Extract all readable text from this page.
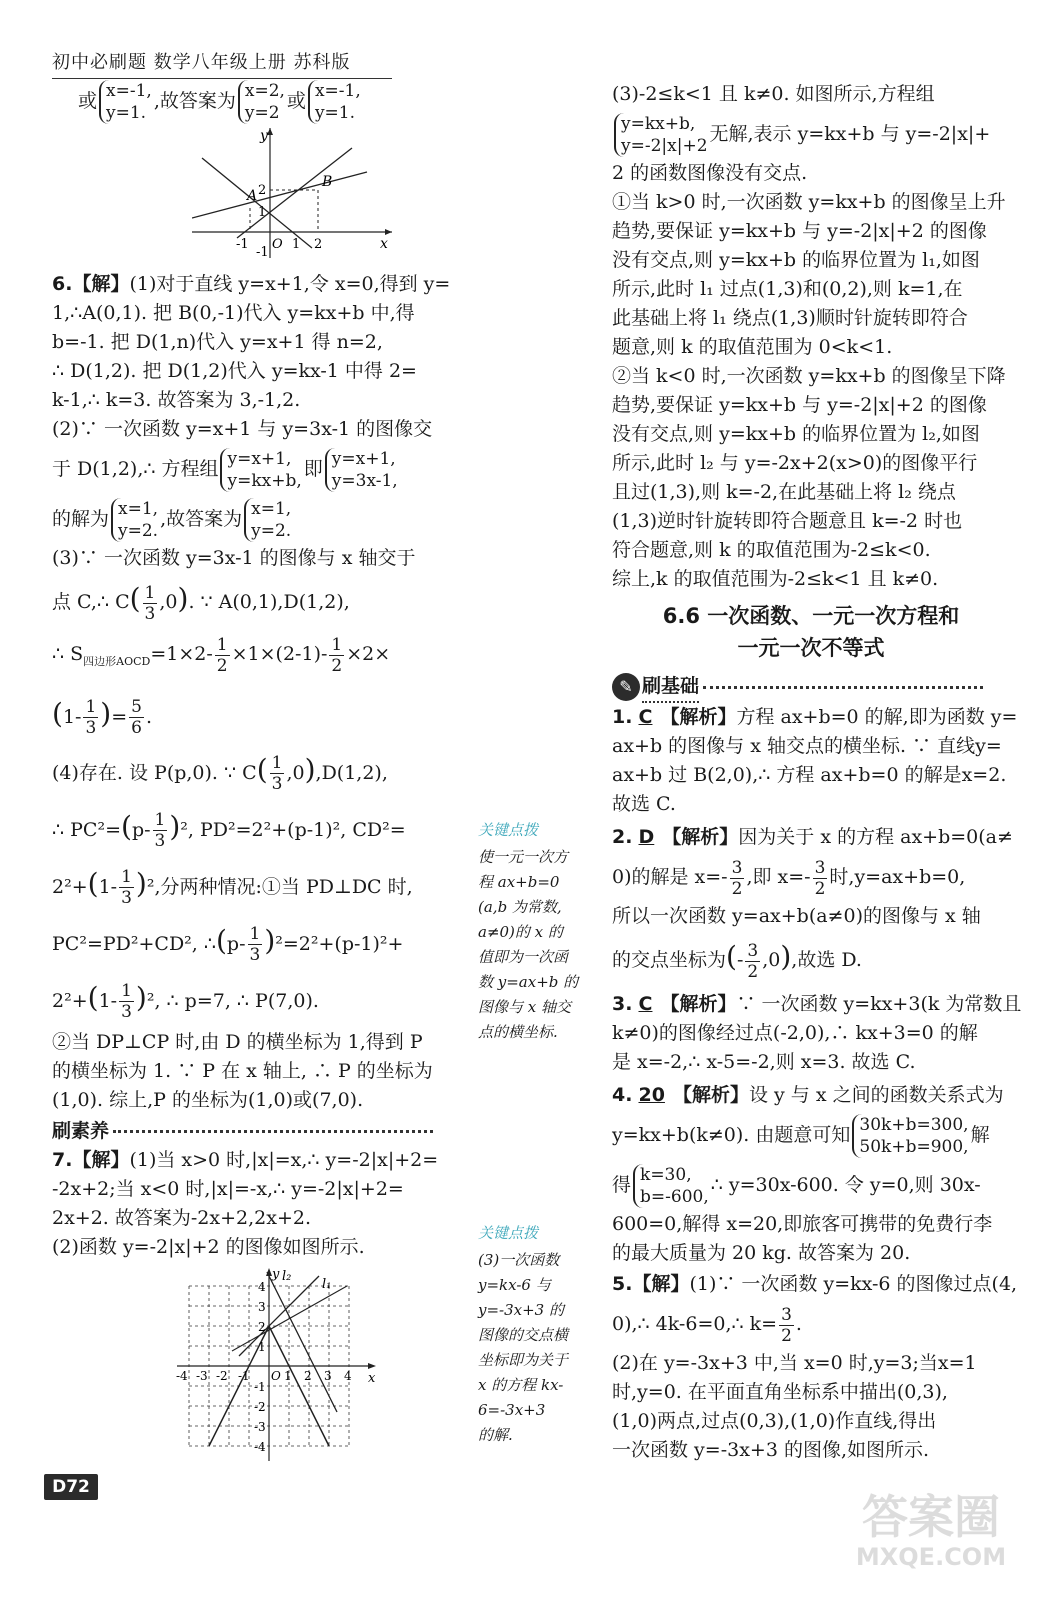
初中必刷题 数学八年级上册 苏科版
或 x=-1,
y=1.
,故答案为 x=2,
y=2
或 x=-1,
y=1.
y
x
A
B
2
1
-1 O 1 2
-1
6.【解】(1)对于直线 y=x+1,令 x=0,得到 y=
1,∴A(0,1). 把 B(0,-1)代入 y=kx+b 中,得
b=-1. 把 D(1,n)代入 y=x+1 得 n=2,
∴ D(1,2). 把 D(1,2)代入 y=kx-1 中得 2=
k-1,∴ k=3. 故答案为 3,-1,2.
(2)∵ 一次函数 y=x+1 与 y=3x-1 的图像交
于 D(1,2),∴ 方程组 y=x+1,
y=kx+b,
即 y=x+1,
y=3x-1,
的解为 x=1,
y=2.
,故答案为 x=1,
y=2.
(3)∵ 一次函数 y=3x-1 的图像与 x 轴交于
点 C,∴ $C( \frac{1}{3} ,0)$. ∵ A(0,1),D(1,2),
∴ $S_{四边形AOCD}=1\times 2- \frac{1}{2} \times 1\times(2-1)- \frac{1}{2} \times 2\times$
($1- \frac{1}{3}$ )= $\frac{5}{6}$ .
(4)存在. 设 P(p,0). ∵ $C( \frac{1}{3} ,0),D(1,2)$,
∴ $PC^2=(p- \frac{1}{3} )^2$, PD²=2²+(p-1)², CD²=
$2^2+(1- \frac{1}{3} )^2$,分两种情况:①当 PD⊥DC 时,
PC²=PD²+CD², ∴(p- $\frac{1}{3} )^2=2^2+(p-1)^2+$
$2^2+(1- \frac{1}{3} )^2$, ∴ p=7, ∴ P(7,0).
②当 DP⊥CP 时,由 D 的横坐标为 1,得到 P
的横坐标为 1. ∵ P 在 x 轴上, ∴ P 的坐标为
(1,0). 综上,P 的坐标为(1,0)或(7,0).
刷素养
7.【解】(1)当 x>0 时,|x|=x,∴ y=-2|x|+2=
-2x+2;当 x<0 时,|x|=-x,∴ y=-2|x|+2=
2x+2. 故答案为-2x+2,2x+2.
(2)函数 y=-2|x|+2 的图像如图所示.
y
x
l₂
l₁
4
3
2
1
-1
-2
-3
-4
-4 -3 -2 -1 O 1 2 3 4
关键点拨
使一元一次方
程 ax+b=0
(a,b 为常数,
a≠0)的 x 的
值即为一次函
数 y=ax+b 的
图像与 x 轴交
点的横坐标.
关键点拨
(3)一次函数
y=kx-6 与
y=-3x+3 的
图像的交点横
坐标即为关于
x 的方程 kx-
6=-3x+3
的解.
(3)-2≤k<1 且 k≠0. 如图所示,方程组
y=kx+b,
y=-2|x|+2
无解,表示 y=kx+b 与 y=-2|x|+
2 的函数图像没有交点.
①当 k>0 时,一次函数 y=kx+b 的图像呈上升
趋势,要保证 y=kx+b 与 y=-2|x|+2 的图像
没有交点,则 y=kx+b 的临界位置为 l₁,如图
所示,此时 l₁ 过点(1,3)和(0,2),则 k=1,在
此基础上将 l₁ 绕点(1,3)顺时针旋转即符合
题意,则 k 的取值范围为 0<k<1.
②当 k<0 时,一次函数 y=kx+b 的图像呈下降
趋势,要保证 y=kx+b 与 y=-2|x|+2 的图像
没有交点,则 y=kx+b 的临界位置为 l₂,如图
所示,此时 l₂ 与 y=-2x+2(x>0)的图像平行
且过(1,3),则 k=-2,在此基础上将 l₂ 绕点
(1,3)逆时针旋转即符合题意且 k=-2 时也
符合题意,则 k 的取值范围为-2≤k<0.
综上,k 的取值范围为-2≤k<1 且 k≠0.
6.6 一次函数、一元一次方程和
一元一次不等式
✎ 刷基础
1. C 【解析】方程 ax+b=0 的解,即为函数 y=
ax+b 的图像与 x 轴交点的横坐标. ∵ 直线y=
ax+b 过 B(2,0),∴ 方程 ax+b=0 的解是x=2.
故选 C.
2. D 【解析】因为关于 x 的方程 ax+b=0(a≠
0)的解是 $x=- \frac{3}{2}$ ,即 $x=- \frac{3}{2}$ 时,y=ax+b=0,
所以一次函数 y=ax+b(a≠0)的图像与 x 轴
的交点坐标为(- $\frac{3}{2} ,0$),故选 D.
3. C 【解析】∵ 一次函数 y=kx+3(k 为常数且
k≠0)的图像经过点(-2,0),∴ kx+3=0 的解
是 x=-2,∴ x-5=-2,则 x=3. 故选 C.
4. 20 【解析】设 y 与 x 之间的函数关系式为
y=kx+b(k≠0). 由题意可知 30k+b=300,
50k+b=900,
解
得 k=30,
b=-600,
∴ y=30x-600. 令 y=0,则 30x-
600=0,解得 x=20,即旅客可携带的免费行李
的最大质量为 20 kg. 故答案为 20.
5.【解】(1)∵ 一次函数 y=kx-6 的图像过点(4,
0),∴ 4k-6=0,∴ $k= \frac{3}{2}$ .
(2)在 y=-3x+3 中,当 x=0 时,y=3;当x=1
时,y=0. 在平面直角坐标系中描出(0,3),
(1,0)两点,过点(0,3),(1,0)作直线,得出
一次函数 y=-3x+3 的图像,如图所示.
D72
答案圈
MXQE.COM
